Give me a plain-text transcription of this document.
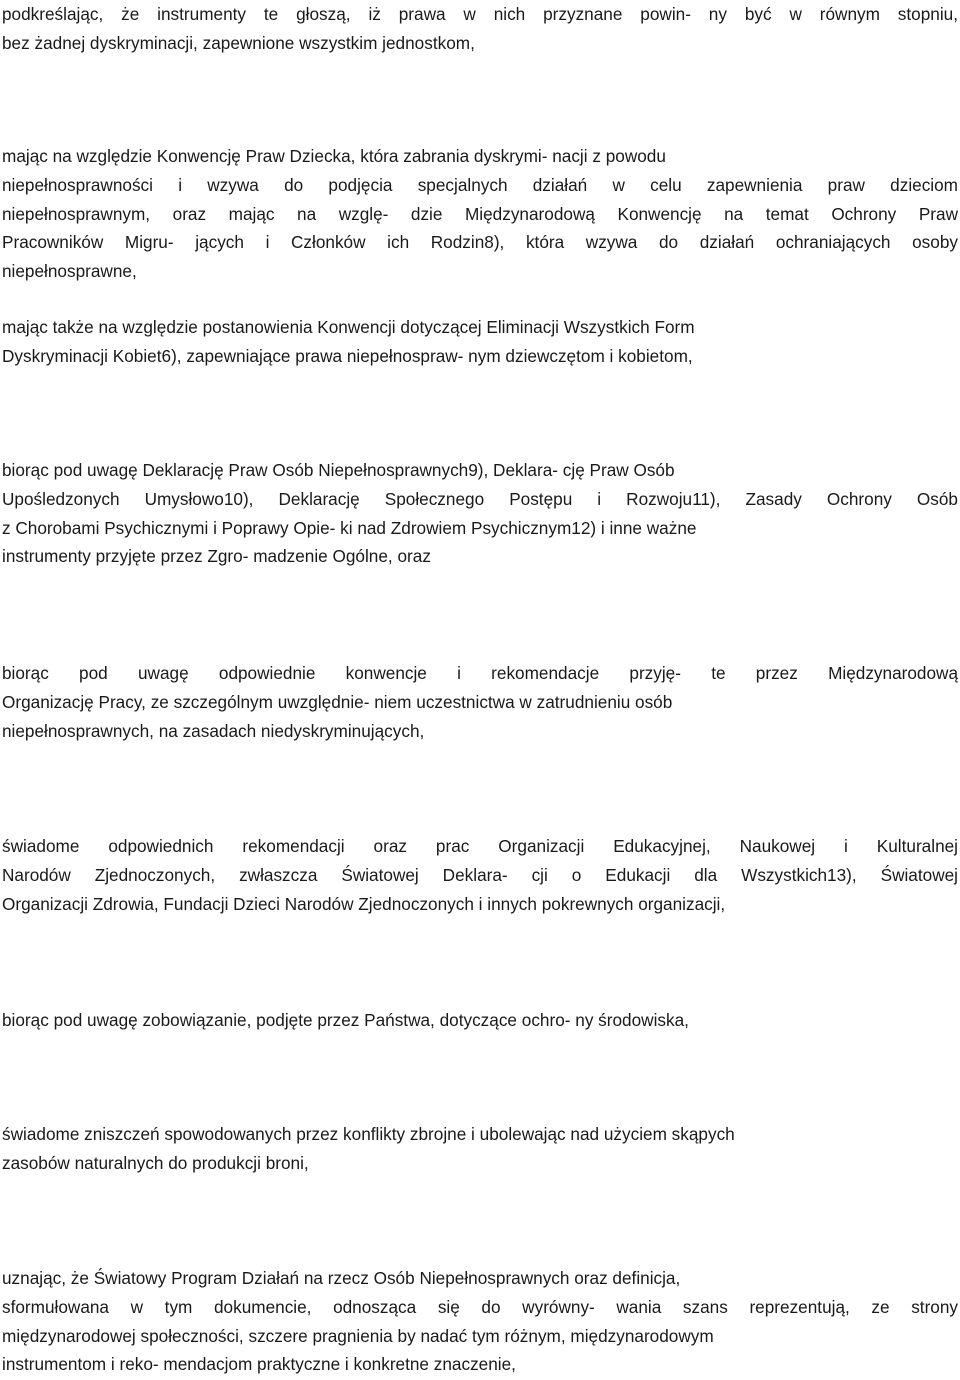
podkreślając, że instrumenty te głoszą, iż prawa w nich przyznane powin- ny być w równym stopniu,
bez żadnej dyskryminacji, zapewnione wszystkim jednostkom,

mając na względzie Konwencję Praw Dziecka, która zabrania dyskrymi- nacji z powodu
niepełnosprawności i wzywa do podjęcia specjalnych działań w celu zapewnienia praw dzieciom
niepełnosprawnym, oraz mając na wzglę- dzie Międzynarodową Konwencję na temat Ochrony Praw
Pracowników Migru- jących i Członków ich Rodzin8), która wzywa do działań ochraniających osoby
niepełnosprawne,

mając także na względzie postanowienia Konwencji dotyczącej Eliminacji Wszystkich Form
Dyskryminacji Kobiet6), zapewniające prawa niepełnospraw- nym dziewczętom i kobietom,

biorąc pod uwagę Deklarację Praw Osób Niepełnosprawnych9), Deklara- cję Praw Osób
Upośledzonych Umysłowo10), Deklarację Społecznego Postępu i Rozwoju11), Zasady Ochrony Osób
z Chorobami Psychicznymi i Poprawy Opie- ki nad Zdrowiem Psychicznym12) i inne ważne
instrumenty przyjęte przez Zgro- madzenie Ogólne, oraz

biorąc pod uwagę odpowiednie konwencje i rekomendacje przyję- te przez Międzynarodową
Organizację Pracy, ze szczególnym uwzględnie- niem uczestnictwa w zatrudnieniu osób
niepełnosprawnych, na zasadach niedyskryminujących,

świadome odpowiednich rekomendacji oraz prac Organizacji Edukacyjnej, Naukowej i Kulturalnej
Narodów Zjednoczonych, zwłaszcza Światowej Deklara- cji o Edukacji dla Wszystkich13), Światowej
Organizacji Zdrowia, Fundacji Dzieci Narodów Zjednoczonych i innych pokrewnych organizacji,

biorąc pod uwagę zobowiązanie, podjęte przez Państwa, dotyczące ochro- ny środowiska,

świadome zniszczeń spowodowanych przez konflikty zbrojne i ubolewając nad użyciem skąpych
zasobów naturalnych do produkcji broni,

uznając, że Światowy Program Działań na rzecz Osób Niepełnosprawnych oraz definicja,
sformułowana w tym dokumencie, odnosząca się do wyrówny- wania szans reprezentują, ze strony
międzynarodowej społeczności, szczere pragnienia by nadać tym różnym, międzynarodowym
instrumentom i reko- mendacjom praktyczne i konkretne znaczenie,
